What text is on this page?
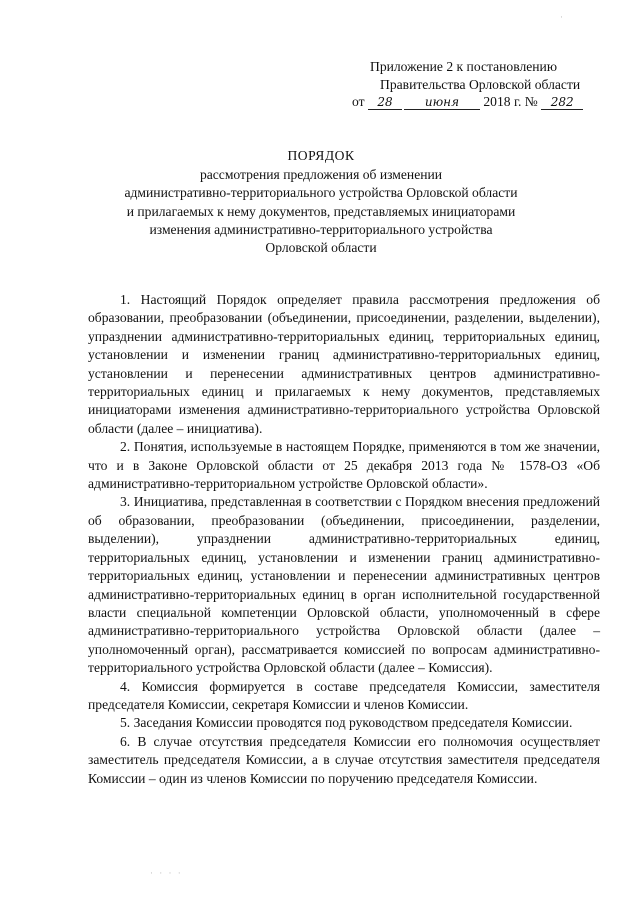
Приложение 2 к постановлению
Правительства Орловской области
от 28	июня 2018 г. № 282
ПОРЯДОК
рассмотрения предложения об изменении
административно-территориального устройства Орловской области
и прилагаемых к нему документов, представляемых инициаторами
изменения административно-территориального устройства
Орловской области

1. Настоящий Порядок определяет правила рассмотрения предложения об образовании, преобразовании (объединении, присоединении, разделении, выделении), упразднении административно-территориальных единиц, территориальных единиц, установлении и изменении границ административно-территориальных единиц, установлении и перенесении административных центров административно-территориальных единиц и прилагаемых к нему документов, представляемых инициаторами изменения административно-территориального устройства Орловской области (далее – инициатива).

2. Понятия, используемые в настоящем Порядке, применяются в том же значении, что и в Законе Орловской области от 25 декабря 2013 года № 1578-ОЗ «Об административно-территориальном устройстве Орловской области».

3. Инициатива, представленная в соответствии с Порядком внесения предложений об образовании, преобразовании (объединении, присоединении, разделении, выделении), упразднении административно-территориальных единиц, территориальных единиц, установлении и изменении границ административно-территориальных единиц, установлении и перенесении административных центров административно-территориальных единиц в орган исполнительной государственной власти специальной компетенции Орловской области, уполномоченный в сфере административно-территориального устройства Орловской области (далее – уполномоченный орган), рассматривается комиссией по вопросам административно-территориального устройства Орловской области (далее – Комиссия).

4. Комиссия формируется в составе председателя Комиссии, заместителя председателя Комиссии, секретаря Комиссии и членов Комиссии.

5. Заседания Комиссии проводятся под руководством председателя Комиссии.

6. В случае отсутствия председателя Комиссии его полномочия осуществляет заместитель председателя Комиссии, а в случае отсутствия заместителя председателя Комиссии – один из членов Комиссии по поручению председателя Комиссии.

· · · ·
·
